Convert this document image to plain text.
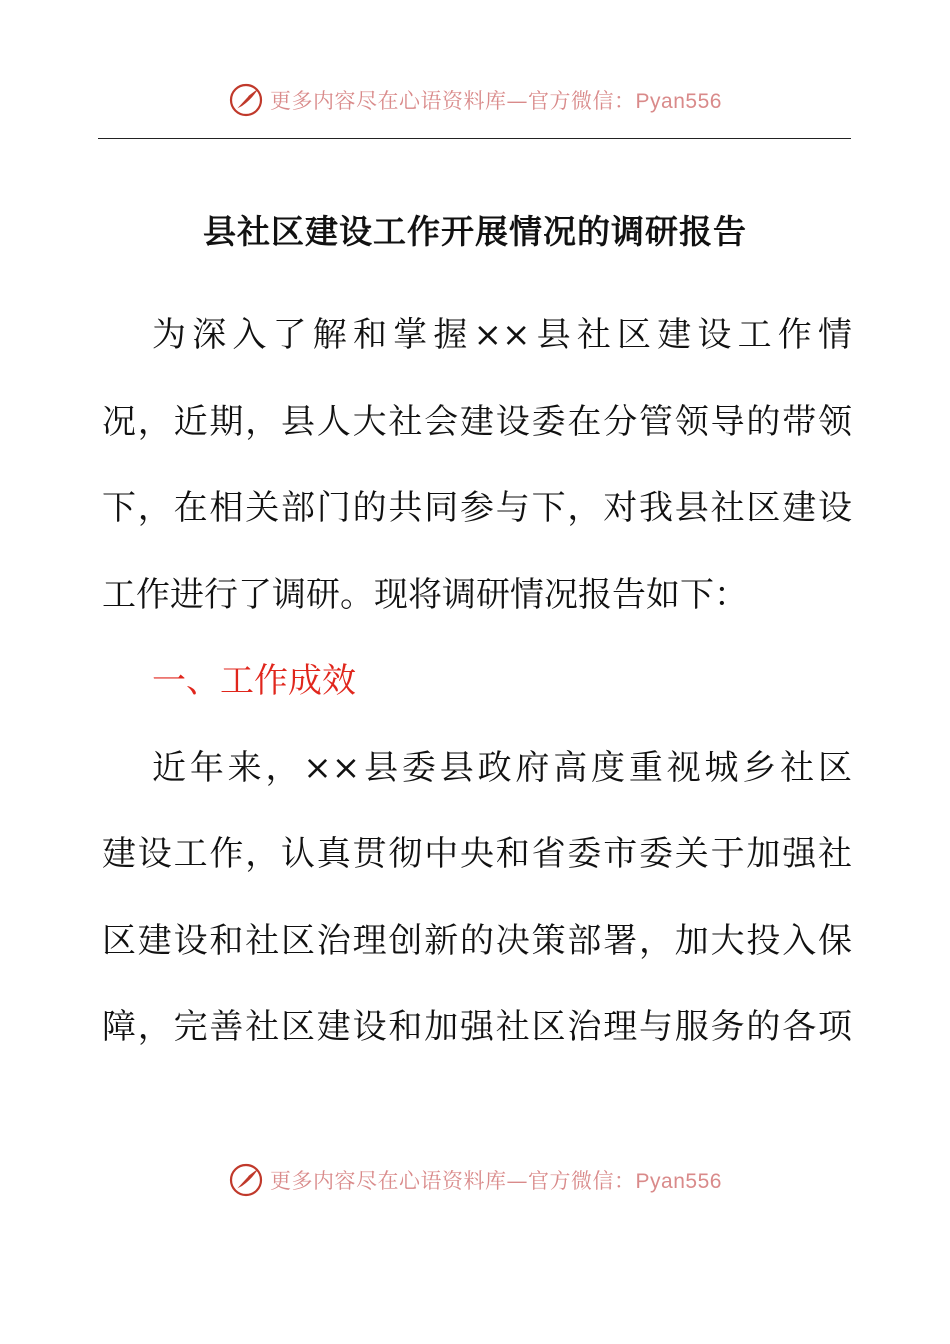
更多内容尽在心语资料库—官方微信：Pyan556
县社区建设工作开展情况的调研报告
为深入了解和掌握××县社区建设工作情
况，近期，县人大社会建设委在分管领导的带领
下，在相关部门的共同参与下，对我县社区建设
工作进行了调研。现将调研情况报告如下：
一、工作成效
近年来，××县委县政府高度重视城乡社区
建设工作，认真贯彻中央和省委市委关于加强社
区建设和社区治理创新的决策部署，加大投入保
障，完善社区建设和加强社区治理与服务的各项
更多内容尽在心语资料库—官方微信：Pyan556
